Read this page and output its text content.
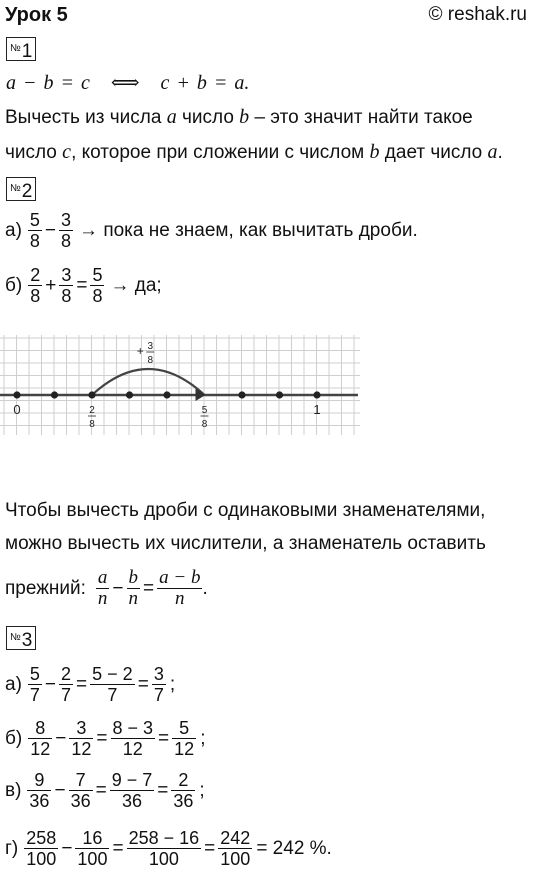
Урок 5	© reshak.ru
№1
a − b = c ⟺ c + b = a.
Вычесть из числа a число b – это значит найти такое
число c, которое при сложении с числом b дает число a.
№2
$а) \frac{5}{8} - \frac{3}{8}$ → пока не знаем, как вычитать дроби.
$б) \frac{2}{8} + \frac{3}{8} = \frac{5}{8}$ → да;
0	1
2
8
5
8
+ 3
8
Чтобы вычесть дроби с одинаковыми знаменателями,
можно вычесть их числители, а знаменатель оставить
прежний: $\frac{a}{n} - \frac{b}{n} = \frac{a - b}{n}$ .
№3
$а) \frac{5}{7} - \frac{2}{7} = \frac{5 - 2}{7} = \frac{3}{7}$ ;
$б) \frac{8}{12} - \frac{3}{12} = \frac{8 - 3}{12} = \frac{5}{12}$ ;
$в) \frac{9}{36} - \frac{7}{36} = \frac{9 - 7}{36} = \frac{2}{36}$ ;
$г) \frac{258}{100} - \frac{16}{100} = \frac{258 - 16}{100} = \frac{242}{100} = 242$ %.
